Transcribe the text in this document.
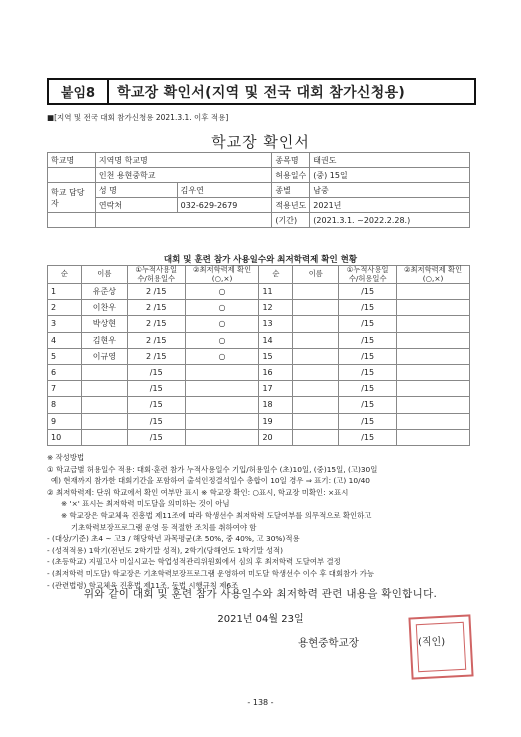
붙임8	학교장 확인서(지역 및 전국 대회 참가신청용)
■[지역 및 전국 대회 참가신청용 2021.3.1. 이후 적용]
학교장 확인서
학교명	지역명 학교명		종목명	태권도
	인천 용현중학교		허용일수	(중) 15일
학교 담당자	성 명	김우연	종별	남중
	연락처	032-629-2679	적용년도	2021년
			(기간)	(2021.3.1. ~2022.2.28.)
대회 및 훈련 참가 사용일수와 최저학력제 확인 현황
순	이름	①누적사용일수/허용일수	②최저학력제 확인(○,×)	순	이름	①누적사용일수/허용일수	②최저학력제 확인(○,×)
1	유준상	2 /15	○	11		/15	
2	이찬우	2 /15	○	12		/15	
3	박상현	2 /15	○	13		/15	
4	김현우	2 /15	○	14		/15	
5	이규영	2 /15	○	15		/15	
6		/15		16		/15	
7		/15		17		/15	
8		/15		18		/15	
9		/15		19		/15	
10		/15		20		/15	
※ 작성방법
① 학교급별 허용일수 적용: 대회·훈련 참가 누적사용일수 기입/허용일수 (초)10일, (중)15일, (고)30일
예) 현재까지 참가한 대회기간을 포함하여 출석인정결석일수 총합이 10일 경우 ⇒ 표기: (고) 10/40
② 최저학력제: 단위 학교에서 확인 여부만 표시 ※ 학교장 확인: ○표시, 학교장 미확인: ×표시
※ '×' 표시는 최저학력 미도달을 의미하는 것이 아님
※ 학교장은 학교체육 진흥법 제11조에 따라 학생선수 최저학력 도달여부를 의무적으로 확인하고
기초학력보장프로그램 운영 등 적절한 조치를 취하여야 함
- (대상/기준) 초4 ~ 고3 / 해당학년 과목평균(초 50%, 중 40%, 고 30%)적용
- (성적적용) 1학기(전년도 2학기말 성적), 2학기(당해연도 1학기말 성적)
- (초등학교) 지필고사 미실시교는 학업성적관리위원회에서 심의 후 최저학력 도달여부 결정
- (최저학력 미도달) 학교장은 기초학력보장프로그램 운영하여 미도달 학생선수 이수 후 대회참가 가능
- (관련법령) 학교체육 진흥법 제11조, 동법 시행규칙 제6조
위와 같이 대회 및 훈련 참가 사용일수와 최저학력 관련 내용을 확인합니다.
2021년 04월 23일
용현중학교장	(직인)
- 138 -
